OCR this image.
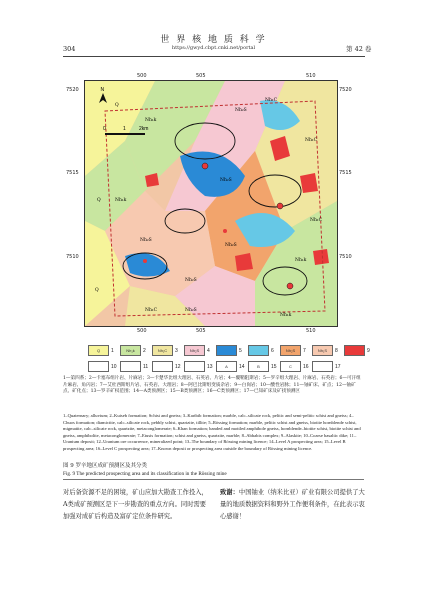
世 界 核 地 质 科 学
304	https://gwyd.cbpt.cnki.net/portal	第 42 卷
500	505	510
500	505	510
7520
7515
7510
7520
7515
7510
0	1	2km
N
Q
Q
Q
Nh₁k
Nh₁k
Nh₁k
Nh₂S
Nh₂S
Nh₂S
Nh₂S
Nh₂S
Nh₁C
Nh₁C
Nh₁C
Nh₁C
Nh₁k
Nh₂S
Q	1	Nh₁k	2	Nh₁C	3	Nh₂S	4	5	6	Nh₂S	7	Nh₁S	8	9
10	11	12	13	A	14	B	15	C	16	17
1—第四系；2—卡塞布组片岩、片麻岩；3—卡楚华比组大理岩、石英岩、片岩；4—覆鞘阻斯岩；5—罗辛组大理岩、片麻岩、石英岩；6—可汗组片麻岩、角闪岩；7—艾杜西斯组片岩、石英岩、大理岩；8—阿巴比斯组变质杂岩；9—白岗岩；10—酸性岩脉；11—铀矿床、矿点；12—铀矿点、矿化点；13—罗辛矿权范围；14—A类预测区；15—B类预测区；16—C类预测区；17—已知矿床及矿找预测区
1–Quaternary; alluvium; 2–Kuiseb formation; Schist and gneiss; 3–Karibib formation; marble, calc–silicate rock, pelitic and semi-pelitic schist and gneiss; 4–Chuos formation; diamictite, calc–silicate rock, pebbly schist, quartzite, tillite; 5–Rössing formation; marble, pelitic schist and gneiss, biotite hornblende schist, migmatite, calc–silicate rock, quartzite, metaconglomerate; 6–Khan formation; banded and mottled amphibole gneiss, hornblende–biotite schist, biotite schist and gneiss, amphibolite, metaconglomerate; 7–Etusis formation; schist and gneiss, quartzite, marble; 8–Abbabis complex; 9–Alaskite; 10–Coarse basaltic dike; 11–Uranium deposit; 12–Uranium ore occurrence, mineralized point; 13–The boundary of Rössing mining licence; 14–Level A prospecting area; 15–Level B prospecting area; 16–Level C prospecting area; 17–Known deposit or prospecting area outside the boundary of Rössing mining licence.
图 9 罗辛地区成矿预测区及其分类
Fig. 9 The predicted prospecting area and its classification in the Rössing mine
对后备资源不足的困境，矿山应加大勘查工作投入，A类成矿预测区是下一步勘查的重点方向。同时需要加强对成矿后构造及富矿定位条件研究。
致谢：中国铀业（纳米比亚）矿业有限公司提供了大量的地质数据资料和野外工作便利条件，在此表示衷心感谢！
